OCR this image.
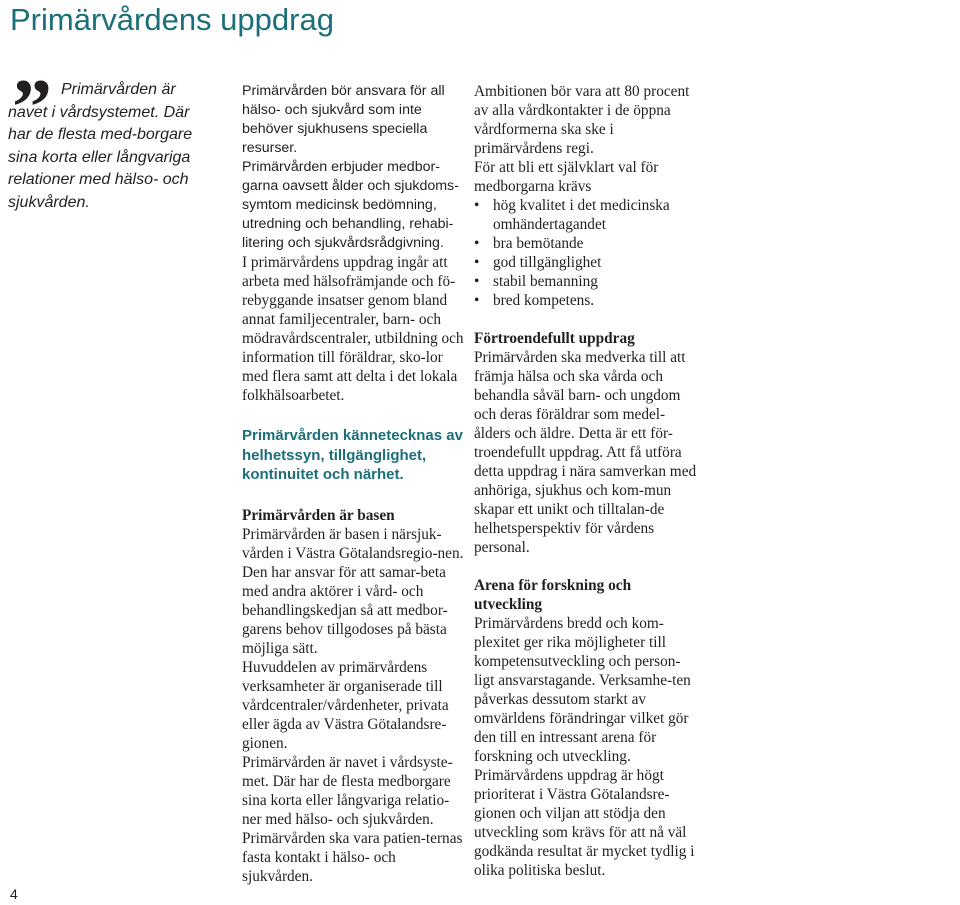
Primärvårdens uppdrag
” Primärvården är
navet i vårdsystemet. Där har de flesta med-borgare sina korta eller långvariga relationer med hälso- och sjukvården.

Primärvården bör ansvara för all hälso- och sjukvård som inte behöver sjukhusens speciella resurser.

Primärvården erbjuder medbor-garna oavsett ålder och sjukdoms-symtom medicinsk bedömning, utredning och behandling, rehabi-litering och sjukvårdsrådgivning.

I primärvårdens uppdrag ingår att arbeta med hälsofrämjande och fö-rebyggande insatser genom bland annat familjecentraler, barn- och mödravårdscentraler, utbildning och information till föräldrar, sko-lor med flera samt att delta i det lokala folkhälsoarbetet.

Primärvården kännetecknas av helhetssyn, tillgänglighet, kontinuitet och närhet.

Primärvården är basen

Primärvården är basen i närsjuk-vården i Västra Götalandsregio-nen. Den har ansvar för att samar-beta med andra aktörer i vård- och behandlingskedjan så att medbor-garens behov tillgodoses på bästa möjliga sätt.

Huvuddelen av primärvårdens verksamheter är organiserade till vårdcentraler/vårdenheter, privata eller ägda av Västra Götalandsre-gionen.

Primärvården är navet i vårdsyste-met. Där har de flesta medborgare sina korta eller långvariga relatio-ner med hälso- och sjukvården.

Primärvården ska vara patien-ternas fasta kontakt i hälso- och sjukvården.

Ambitionen bör vara att 80 procent av alla vårdkontakter i de öppna vårdformerna ska ske i primärvårdens regi.

För att bli ett självklart val för medborgarna krävs

• hög kvalitet i det medicinska omhändertagandet
• bra bemötande
• god tillgänglighet
• stabil bemanning
• bred kompetens.

Förtroendefullt uppdrag

Primärvården ska medverka till att främja hälsa och ska vårda och behandla såväl barn- och ungdom och deras föräldrar som medel-ålders och äldre. Detta är ett för-troendefullt uppdrag. Att få utföra detta uppdrag i nära samverkan med anhöriga, sjukhus och kom-mun skapar ett unikt och tilltalan-de helhetsperspektiv för vårdens personal.

Arena för forskning och utveckling

Primärvårdens bredd och kom-plexitet ger rika möjligheter till kompetensutveckling och person-ligt ansvarstagande. Verksamhe-ten påverkas dessutom starkt av omvärldens förändringar vilket gör den till en intressant arena för forskning och utveckling.

Primärvårdens uppdrag är högt prioriterat i Västra Götalandsre-gionen och viljan att stödja den utveckling som krävs för att nå väl godkända resultat är mycket tydlig i olika politiska beslut.

4
